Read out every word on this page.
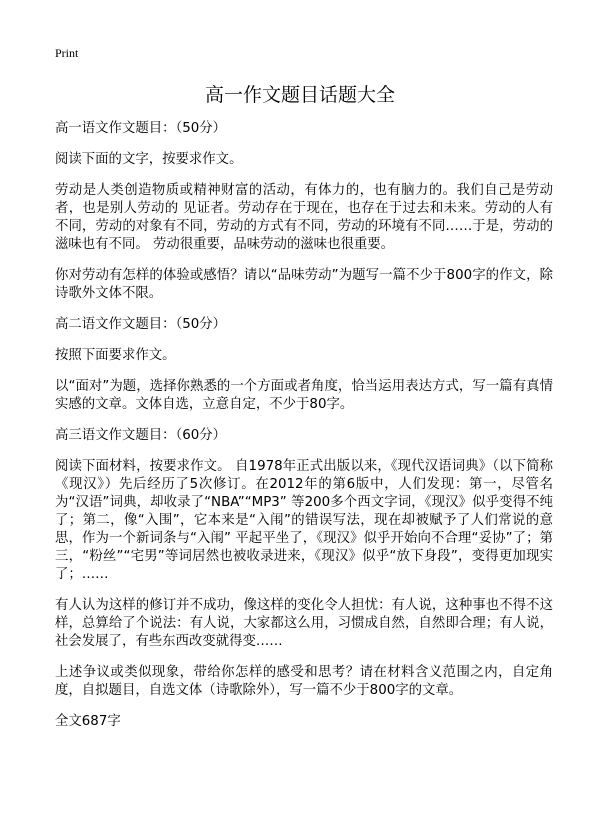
Print
高一作文题目话题大全

高一语文作文题目：（50分）

阅读下面的文字，按要求作文。

劳动是人类创造物质或精神财富的活动，有体力的，也有脑力的。我们自己是劳动者，也是别人劳动的 见证者。劳动存在于现在，也存在于过去和未来。劳动的人有不同，劳动的对象有不同，劳动的方式有不同，劳动的环境有不同……于是，劳动的滋味也有不同。 劳动很重要，品味劳动的滋味也很重要。

你对劳动有怎样的体验或感悟？请以“品味劳动”为题写一篇不少于800字的作文，除诗歌外文体不限。

高二语文作文题目：（50分）

按照下面要求作文。

以“面对”为题，选择你熟悉的一个方面或者角度，恰当运用表达方式，写一篇有真情实感的文章。文体自选，立意自定，不少于80字。

高三语文作文题目：（60分）

阅读下面材料，按要求作文。 自1978年正式出版以来，《现代汉语词典》（以下简称《现汉》）先后经历了5次修订。在2012年的第6版中，人们发现：第一，尽管名为“汉语”词典，却收录了“NBA”“MP3” 等200多个西文字词，《现汉》似乎变得不纯了；第二，像“入围”，它本来是“入闱”的错误写法，现在却被赋予了人们常说的意思，作为一个新词条与“入闱” 平起平坐了，《现汉》似乎开始向不合理“妥协”了；第三，“粉丝”“宅男”等词居然也被收录进来，《现汉》似乎“放下身段”，变得更加现实了；……

有人认为这样的修订并不成功，像这样的变化令人担忧：有人说，这种事也不得不这样，总算给了个说法：有人说，大家都这么用，习惯成自然，自然即合理；有人说，社会发展了，有些东西改变就得变……

上述争议或类似现象，带给你怎样的感受和思考？请在材料含义范围之内，自定角度，自拟题目，自选文体（诗歌除外），写一篇不少于800字的文章。

全文687字
